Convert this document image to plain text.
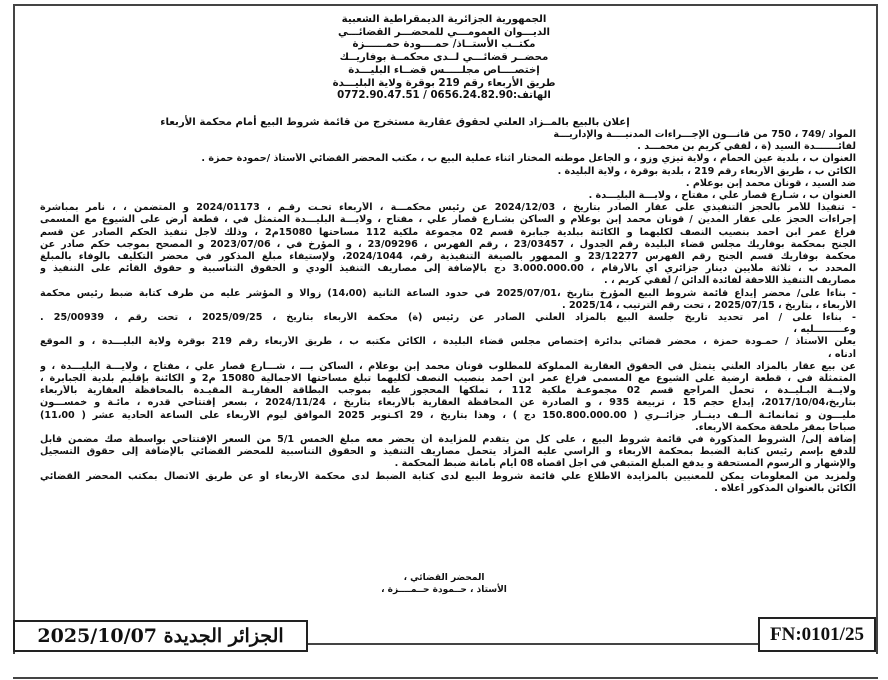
الجمهورية الجزائرية الديمقراطية الشعبية
الديـــوان العمومـــي للمحضـــر القضائـــي
مكتــب الأستــاذ/ حمــــودة حمــــــزة
محضــر قضائـــي لــدى محكمــة بوفاريــك
إختصــــاص مجلـــــس قضــاء البليـــدة
طريق الأربعاء رقم 219 بوقرة ولاية البليـــدة
الهاتف:0656.24.82.90 / 0772.90.47.51
إعلان بالبيع بالمــزاد العلني لحقوق عقارية مستخرج من قائمة شروط البيع أمام محكمة الأربعاء

المواد /749 ، 750 من قانـــون الإجـــراءات المدنيــــة والإداريـــة

لفائـــــــدة السيد (ة ، لفقي كريم بن محمـــد .

العنوان ب ، بلدية عين الحمام ، ولاية تيزي وزو ، و الجاعل موطنه المختار أثناء عملية البيع ب ، مكتب المحضر القضائي الأستاذ /حمودة حمزة .

الكائن ب ، طريق الأربعاء رقم 219 ، بلدية بوقرة ، ولاية البليدة .

ضد السيد ، قونان محمد إبن بوعلام .

العنوان ب ، شـارع قصار علي ، مفتاح ، ولايـــة البليـــدة .

- تنفيذا للأمر بالحجز التنفيذي على عقار الصادر بتاريخ ، 2024/12/03 عن رئيس محكمـــة ، الأربعاء تحـت رقـم ، 2024/01173 و المتضمن ، ، نأمر بمباشرة

إجراءات الحجز على عقار المدين / قونان محمد إبن بوعلام و الساكن بشـارع قصار علي ، مفتاح ، ولايـــة البليـــدة المتمثل في ، قطعة أرض على الشيوع مع المسمى

فراغ عمر ابن أحمد بنصيب النصف لكليهما و الكائنة ببلدية جبابرة قسم 02 مجموعة ملكية 112 مساحتها 15080م2 ، وذلك لأجل تنفيذ الحكم الصادر عن قسم

الجنح بمحكمة بوفاريك مجلس قضاء البليدة رقم الجدول ، 23/03457 ، رقم الفهرس ، 23/09296 ، و المؤرخ في ، 2023/07/06 و المصحح بموجب حكم صادر عن

محكمة بوفاريك قسم الجنح رقم الفهرس 23/12277 و الممهور بالصيغة التنفيذية رقم، 2024/1044، ولإستيفاء مبلغ المذكور في محضر التكليف بالوفاء بالمبلغ

المحدد ب ، ثلاثة ملايين دينار جزائري أي بالأرقام ، 3.000.000.00 دج بالإضافة إلى مصاريف التنفيذ الودي و الحقوق التناسبية و حقوق القائم على التنفيذ و

مصاريف التنفيذ اللاحقة لفائدة الدائن / لفقي كريم ، .

- بناءا على/ محضر إيداع قائمة شروط البيع المؤرخ بتاريخ ،2025/07/01 في حدود الساعة الثانية (14،00) زوالا و المؤشر عليه من طرف كتابة ضبط رئيس محكمة

الأربعاء ، بتاريخ ، 2025/07/15 ، تحت رقم الترتيب ، 2025/14 .

- بناءا على / أمر تحديد تاريخ جلسة البيع بالمزاد العلني الصادر عن رئيس (ة) محكمة الأربعاء بتاريخ ، 2025/09/25 ، تحت رقم ، 25/00939 .

وعـــــــــليه ،

يعلن الأستاذ / حمـودة حمزة ، محضر قضائي بدائرة إختصاص مجلس قضاء البليدة ، الكائن مكتبه ب ، طريق الأربعاء رقم 219 بوقرة ولاية البليـــدة ، و الموقع

أدناه ،

عن بيع عقار بالمزاد العلني يتمثل في الحقوق العقارية المملوكة للمطلوب قونان محمد إبن بوعلام ، الساكن بـــ ، شـــارع قصار علي ، مفتاح ، ولايـــة البليـــدة ، و

المتمثلة في ، قطعة أرضية على الشيوع مع المسمى فراغ عمر ابن أحمد بنصيب النصف لكليهما تبلغ مساحتها الاجمالية 15080 م2 و الكائنة بإقليم بلدية الجبابرة ،

ولايــة البـليــدة ، تحمل المراجع قسم 02 مجموعـة ملكية 112 ، تملكها المحجوز عليه بموجب البطاقة العقاريـة المقيـدة بالمحافظة العقارية بالأربعاء

بتاريخ،2017/10/04، إيداع حجم 15 ، تربيعة 935 ، و الصادرة عن المحافظة العقارية بالأربعاء بتاريخ ، 2024/11/24 ، بسعر إفتتاحي قدره ، مائـة و خمســـون

مليـــون و ثمانمائـة ألــف دينــار جزائــري ( 150.800.000.00 دج ) ، وهذا بتاريخ ، 29 أكـتوبر 2025 الموافق ليوم الأربعاء على الساعة الحادية عشر ( 11،00)

صباحا بمقر ملحقة محكمة الأربعاء.

إضافة إلى/ الشروط المذكورة في قائمة شروط البيع ، على كل من يتقدم للمزايدة أن يحضر معه مبلغ الخمس 5/1 من السعر الإفتتاحي بواسطة صك مضمن قابل

للدفع بإسم رئيس كتابة الضبط بمحكمة الأربعاء و الراسي عليه المزاد يتحمل مصاريف التنفيذ و الحقوق التناسبية للمحضر القضائي بالإضافة إلى حقوق التسجيل

والإشهار و الرسوم المستحقة و يدفع المبلغ المتبقي في اجل أقصاه 08 أيام بأمانة ضبط المحكمة .

ولمزيد من المعلومات يمكن للمعنيين بالمزايدة الاطلاع علي قائمة شروط البيع لدى كتابة الضبط لدى محكمة الأربعاء أو عن طريق الاتصال بمكتب المحضر القضائي

الكائن بالعنوان المذكور أعلاه .

المحضر القضائي ،
الأستاذ ، حــمودة حــمــــزة ،
الجزائر الجديدة 2025/10/07	FN:0101/25
